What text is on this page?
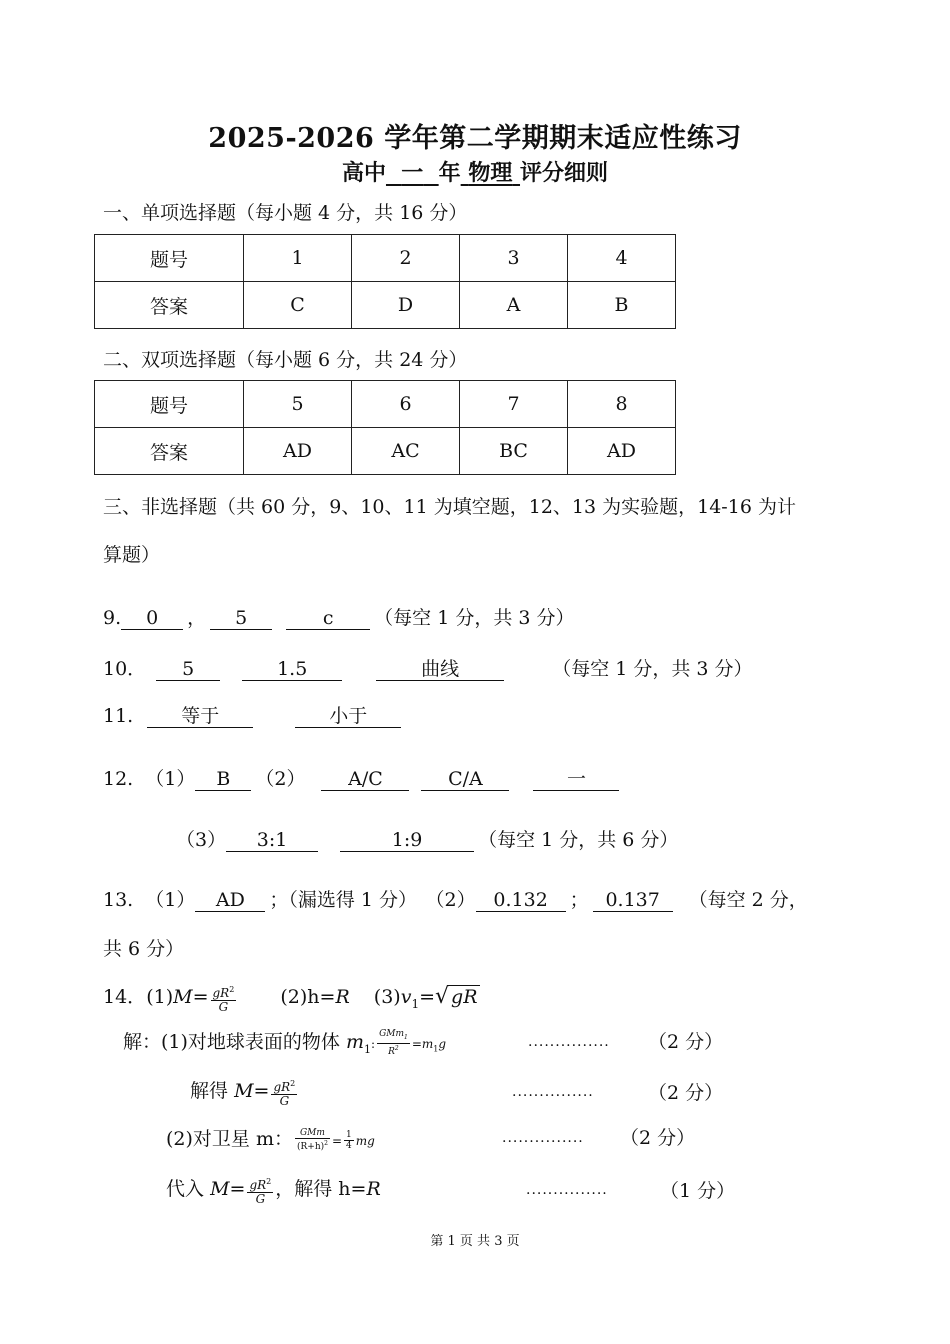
2025-2026 学年第二学期期末适应性练习
高中 一 年 物理 评分细则
一、单项选择题（每小题 4 分，共 16 分）
题号	1	2	3	4
答案	C	D	A	B
二、双项选择题（每小题 6 分，共 24 分）
题号	5	6	7	8
答案	AD	AC	BC	AD
三、非选择题（共 60 分，9、10、11 为填空题，12、13 为实验题，14-16 为计
算题）
9. 0 ， 5	c （每空 1 分，共 3 分）
10． 5	1.5	曲线	（每空 1 分，共 3 分）
11.	等于	小于
12. （1） B （2） A/C	C/A	一
（3） 3:1	1:9	（每空 1 分，共 6 分）
13. （1） AD ；（漏选得 1 分） （2） 0.132 ； 0.137 （每空 2 分，
共 6 分）
14．$(1)M= \frac{gR^2}{G} (2)h=R$ $(3)v_1=√$ gR
解：(1)对地球表面的物体 $m_1$: $\frac{GMm_1}{R^2} =m_1g$	............... （2 分）
解得 $M= \frac{gR^2}{G}$	...............	（2 分）
(2)对卫星 m： $\frac{\text{GMm}}{(R+h)^2} = \frac{1}{4}$ mg	............... （2 分）
代入 $M= \frac{gR^2}{G}$ ，解得 h=R	...............	（1 分）
第 1 页 共 3 页
